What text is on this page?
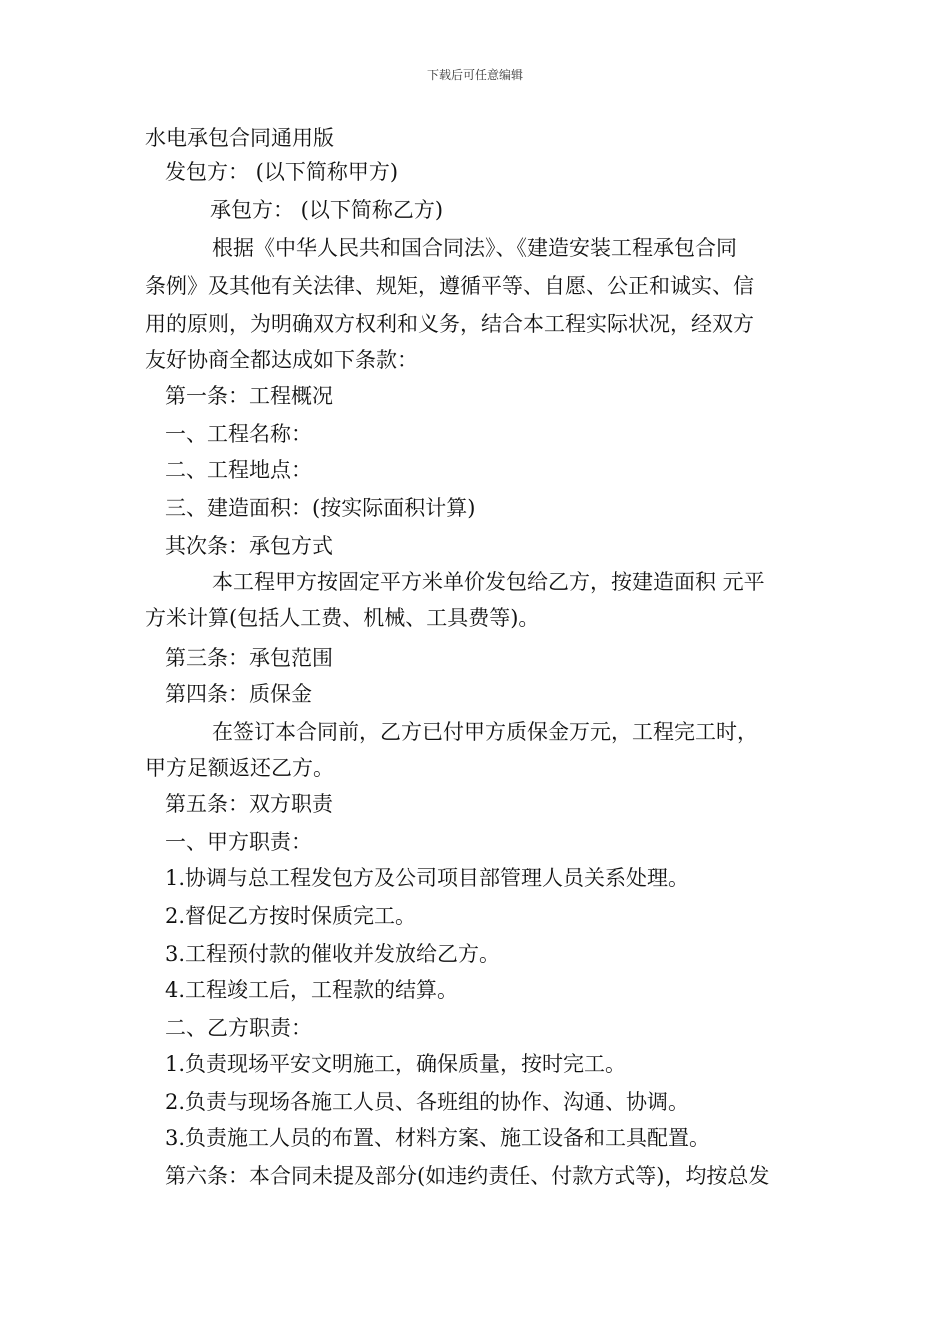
下载后可任意编辑
水电承包合同通用版
发包方： (以下简称甲方)
承包方： (以下简称乙方)
根据《中华人民共和国合同法》、《建造安装工程承包合同
条例》及其他有关法律、规矩，遵循平等、自愿、公正和诚实、信
用的原则，为明确双方权利和义务，结合本工程实际状况，经双方
友好协商全都达成如下条款：
第一条：工程概况
一、工程名称：
二、工程地点：
三、建造面积：(按实际面积计算)
其次条：承包方式
本工程甲方按固定平方米单价发包给乙方，按建造面积 元平
方米计算(包括人工费、机械、工具费等)。
第三条：承包范围
第四条：质保金
在签订本合同前，乙方已付甲方质保金万元，工程完工时，
甲方足额返还乙方。
第五条：双方职责
一、甲方职责：
1.协调与总工程发包方及公司项目部管理人员关系处理。
2.督促乙方按时保质完工。
3.工程预付款的催收并发放给乙方。
4.工程竣工后，工程款的结算。
二、乙方职责：
1.负责现场平安文明施工，确保质量，按时完工。
2.负责与现场各施工人员、各班组的协作、沟通、协调。
3.负责施工人员的布置、材料方案、施工设备和工具配置。
第六条：本合同未提及部分(如违约责任、付款方式等)，均按总发
